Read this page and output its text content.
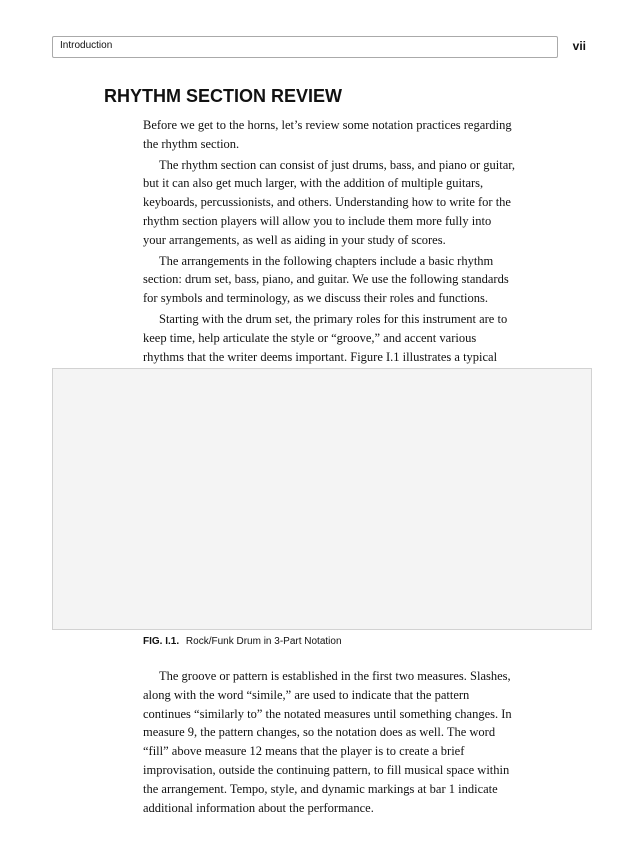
Introduction	vii
RHYTHM SECTION REVIEW

Before we get to the horns, let’s review some notation practices regarding the rhythm section.

The rhythm section can consist of just drums, bass, and piano or guitar, but it can also get much larger, with the addition of multiple guitars, keyboards, percussionists, and others. Understanding how to write for the rhythm section players will allow you to include them more fully into your arrangements, as well as aiding in your study of scores.

The arrangements in the following chapters include a basic rhythm section: drum set, bass, piano, and guitar. We use the following standards for symbols and terminology, as we discuss their roles and functions.

Starting with the drum set, the primary roles for this instrument are to keep time, help articulate the style or “groove,” and accent various rhythms that the writer deems important. Figure I.1 illustrates a typical

FIG. I.1. Rock/Funk Drum in 3-Part Notation

The groove or pattern is established in the first two measures. Slashes, along with the word “simile,” are used to indicate that the pattern continues “similarly to” the notated measures until something changes. In measure 9, the pattern changes, so the notation does as well. The word “fill” above measure 12 means that the player is to create a brief improvisation, outside the continuing pattern, to fill musical space within the arrangement. Tempo, style, and dynamic markings at bar 1 indicate additional information about the performance.
